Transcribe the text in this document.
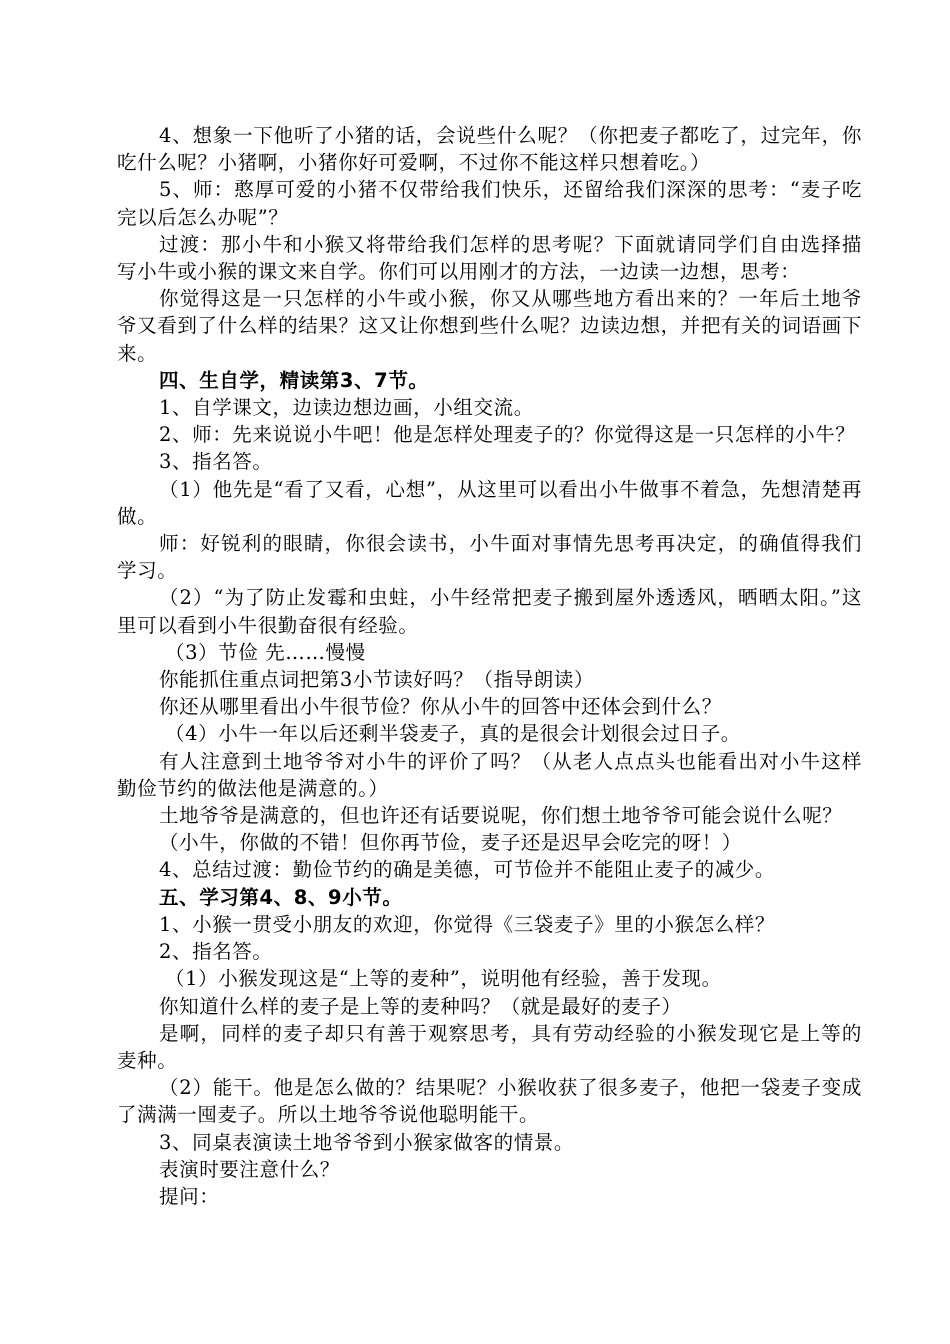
4、想象一下他听了小猪的话，会说些什么呢？（你把麦子都吃了，过完年，你吃什么呢？小猪啊，小猪你好可爱啊，不过你不能这样只想着吃。）

5、师：憨厚可爱的小猪不仅带给我们快乐，还留给我们深深的思考：“麦子吃完以后怎么办呢”？

过渡：那小牛和小猴又将带给我们怎样的思考呢？下面就请同学们自由选择描写小牛或小猴的课文来自学。你们可以用刚才的方法，一边读一边想，思考：

你觉得这是一只怎样的小牛或小猴，你又从哪些地方看出来的？一年后土地爷爷又看到了什么样的结果？这又让你想到些什么呢？边读边想，并把有关的词语画下来。

四、生自学，精读第3、7节。

1、自学课文，边读边想边画，小组交流。

2、师：先来说说小牛吧！他是怎样处理麦子的？你觉得这是一只怎样的小牛？

3、指名答。

（1）他先是“看了又看，心想”，从这里可以看出小牛做事不着急，先想清楚再做。

师：好锐利的眼睛，你很会读书，小牛面对事情先思考再决定，的确值得我们学习。

（2）“为了防止发霉和虫蛀，小牛经常把麦子搬到屋外透透风，晒晒太阳。”这里可以看到小牛很勤奋很有经验。

（3）节俭 先……慢慢

你能抓住重点词把第3小节读好吗？（指导朗读）

你还从哪里看出小牛很节俭？你从小牛的回答中还体会到什么？

（4）小牛一年以后还剩半袋麦子，真的是很会计划很会过日子。

有人注意到土地爷爷对小牛的评价了吗？（从老人点点头也能看出对小牛这样勤俭节约的做法他是满意的。）

土地爷爷是满意的，但也许还有话要说呢，你们想土地爷爷可能会说什么呢？

（小牛，你做的不错！但你再节俭，麦子还是迟早会吃完的呀！）

4、总结过渡：勤俭节约的确是美德，可节俭并不能阻止麦子的减少。

五、学习第4、8、9小节。

1、小猴一贯受小朋友的欢迎，你觉得《三袋麦子》里的小猴怎么样？

2、指名答。

（1）小猴发现这是“上等的麦种”，说明他有经验，善于发现。

你知道什么样的麦子是上等的麦种吗？（就是最好的麦子）

是啊，同样的麦子却只有善于观察思考，具有劳动经验的小猴发现它是上等的麦种。

（2）能干。他是怎么做的？结果呢？小猴收获了很多麦子，他把一袋麦子变成了满满一囤麦子。所以土地爷爷说他聪明能干。

3、同桌表演读土地爷爷到小猴家做客的情景。

表演时要注意什么？

提问：
